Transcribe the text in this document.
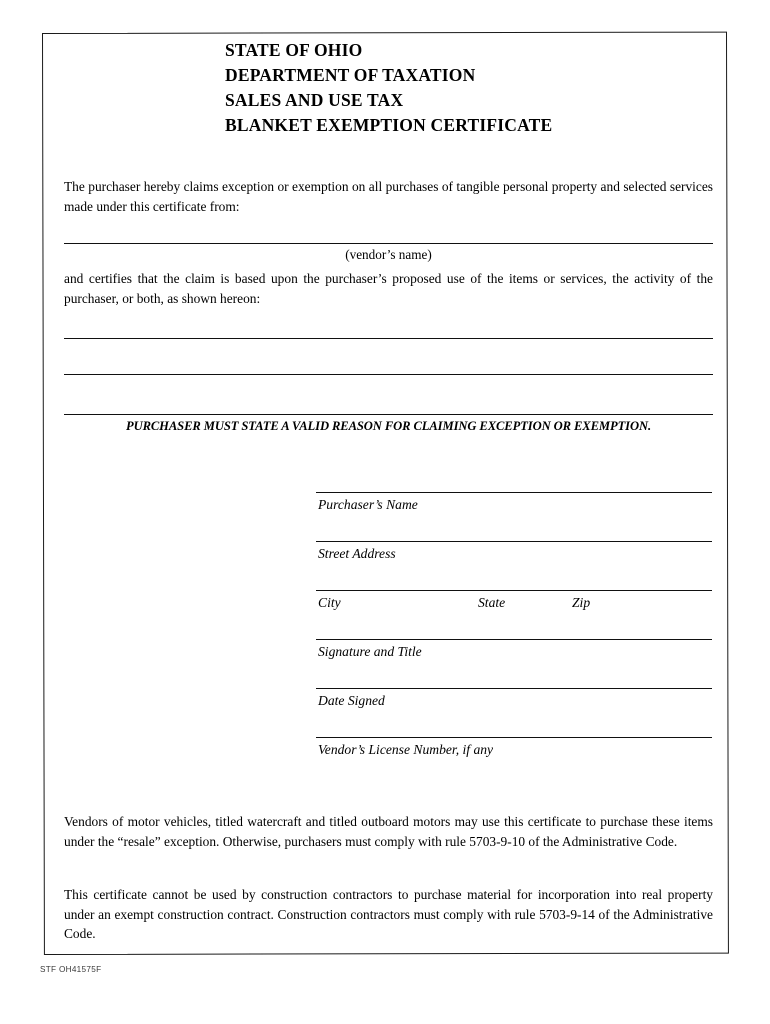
STATE OF OHIO
DEPARTMENT OF TAXATION
SALES AND USE TAX
BLANKET EXEMPTION CERTIFICATE
The purchaser hereby claims exception or exemption on all purchases of tangible personal property and selected services made under this certificate from:
(vendor’s name)
and certifies that the claim is based upon the purchaser’s proposed use of the items or services, the activity of the purchaser, or both, as shown hereon:
PURCHASER MUST STATE A VALID REASON FOR CLAIMING EXCEPTION OR EXEMPTION.
Purchaser’s Name
Street Address
City	State	Zip
Signature and Title
Date Signed
Vendor’s License Number, if any
Vendors of motor vehicles, titled watercraft and titled outboard motors may use this certificate to purchase these items under the “resale” exception. Otherwise, purchasers must comply with rule 5703-9-10 of the Administrative Code.
This certificate cannot be used by construction contractors to purchase material for incorporation into real property under an exempt construction contract. Construction contractors must comply with rule 5703-9-14 of the Administrative Code.
STF OH41575F
